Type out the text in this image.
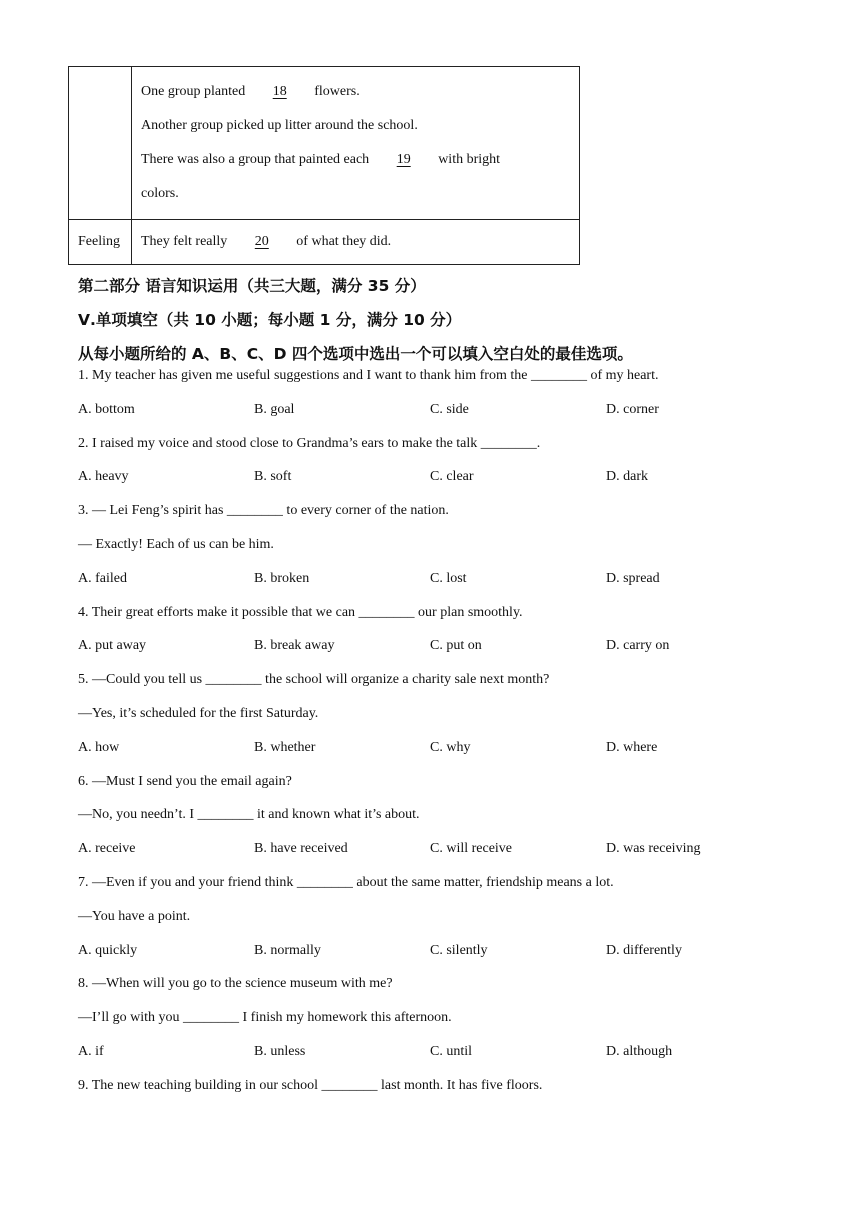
	One group planted 18 flowers.
Another group picked up litter around the school.
There was also a group that painted each 19 with bright
colors.

Feeling	They felt really 20 of what they did.
第二部分 语言知识运用（共三大题，满分 35 分）
Ⅴ.单项填空（共 10 小题；每小题 1 分，满分 10 分）
从每小题所给的 A、B、C、D 四个选项中选出一个可以填入空白处的最佳选项。
1. My teacher has given me useful suggestions and I want to thank him from the ________ of my heart.
A. bottom	B. goal	C. side	D. corner
2. I raised my voice and stood close to Grandma’s ears to make the talk ________.
A. heavy	B. soft	C. clear	D. dark
3. — Lei Feng’s spirit has ________ to every corner of the nation.
— Exactly! Each of us can be him.
A. failed	B. broken	C. lost	D. spread
4. Their great efforts make it possible that we can ________ our plan smoothly.
A. put away	B. break away	C. put on	D. carry on
5. —Could you tell us ________ the school will organize a charity sale next month?
—Yes, it’s scheduled for the first Saturday.
A. how	B. whether	C. why	D. where
6. —Must I send you the email again?
—No, you needn’t. I ________ it and known what it’s about.
A. receive	B. have received	C. will receive	D. was receiving
7. —Even if you and your friend think ________ about the same matter, friendship means a lot.
—You have a point.
A. quickly	B. normally	C. silently	D. differently
8. —When will you go to the science museum with me?
—I’ll go with you ________ I finish my homework this afternoon.
A. if	B. unless	C. until	D. although
9. The new teaching building in our school ________ last month. It has five floors.
